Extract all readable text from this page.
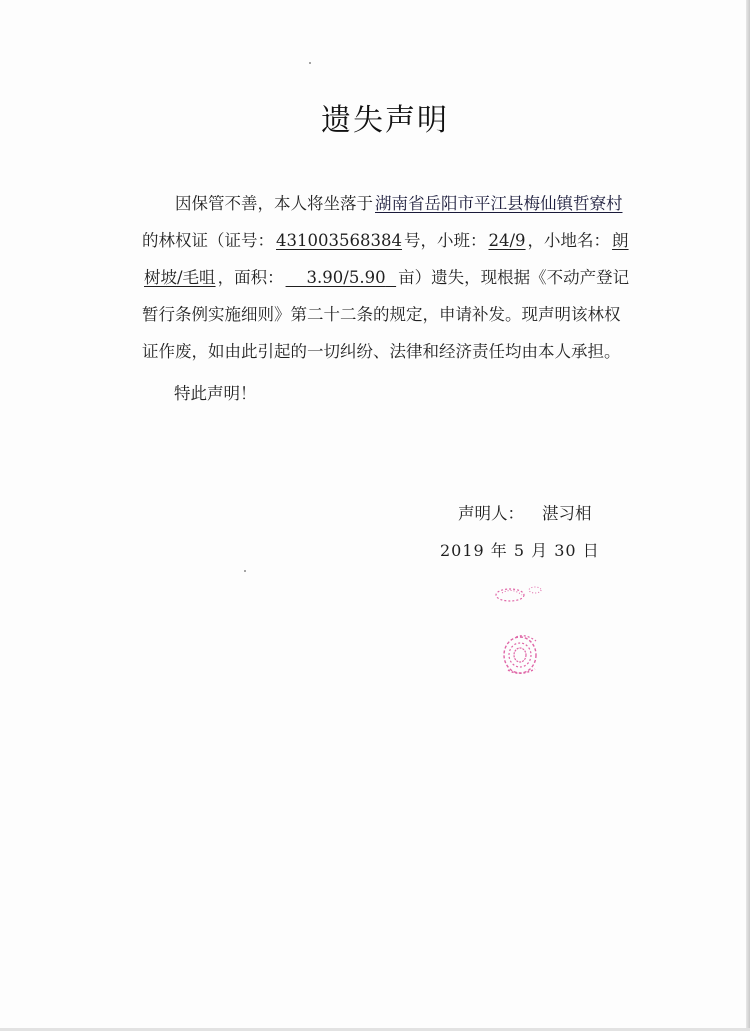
遗失声明

因保管不善，本人将坐落于 湖南省岳阳市平江县梅仙镇哲寮村

的林权证（证号： 431003568384 号，小班： 24/9 ，小地名： 朗
树坡/毛咀 ，面积： 3.90/5.90 亩）遗失，现根据《不动产登记
暂行条例实施细则》第二十二条的规定，申请补发。现声明该林权
证作废，如由此引起的一切纠纷、法律和经济责任均由本人承担。
特此声明！
声明人： 湛习相
2019 年 5 月 30 日
